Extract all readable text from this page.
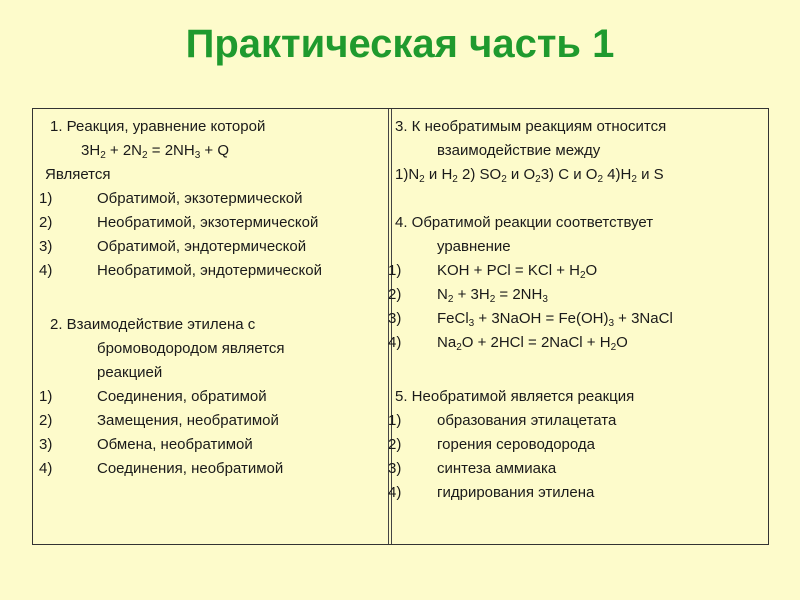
Практическая часть 1
1. Реакция, уравнение которой
$3H_2 + 2N_2 = 2NH_3 + Q$
Является
1)	Обратимой, экзотермической
2)	Необратимой, экзотермической
3)	Обратимой, эндотермической
4)	Необратимой, эндотермической
2. Взаимодействие этилена с
бромоводородом является
реакцией
1)	Соединения, обратимой
2)	Замещения, необратимой
3)	Обмена, необратимой
4)	Соединения, необратимой
3. К необратимым реакциям относится
взаимодействие между
$1)N_2$ и $H_2$ 2) $SO_2$ и $O_23$) C и $O_2$ $4)H_2$ и S
4. Обратимой реакции соответствует
уравнение
1) KOH + PCl = KCl + $H_2O$
2) $N_2 + 3H_2 = 2NH_3$
3) FeCl$_3$ + 3NaOH = $Fe(OH)_3$ + 3NaCl
4) $Na_2O + 2HCl$ = 2NaCl + $H_2O$
5. Необратимой является реакция
1) образования этилацетата
2) горения сероводорода
3) синтеза аммиака
4) гидрирования этилена
